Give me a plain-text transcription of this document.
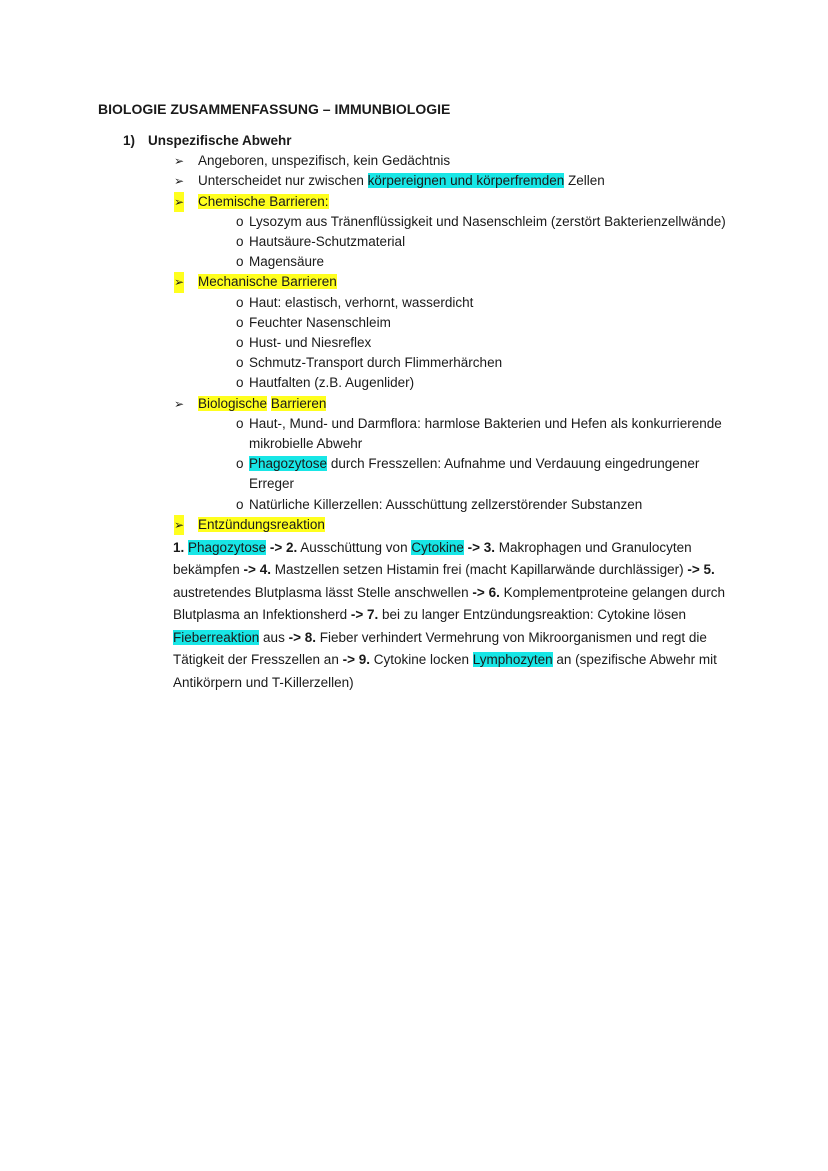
BIOLOGIE ZUSAMMENFASSUNG – IMMUNBIOLOGIE
1) Unspezifische Abwehr
➢ Angeboren, unspezifisch, kein Gedächtnis
➢ Unterscheidet nur zwischen körpereignen und körperfremden Zellen
➢ Chemische Barrieren:
o Lysozym aus Tränenflüssigkeit und Nasenschleim (zerstört Bakterienzellwände)
o Hautsäure-Schutzmaterial
o Magensäure
➢ Mechanische Barrieren
o Haut: elastisch, verhornt, wasserdicht
o Feuchter Nasenschleim
o Hust- und Niesreflex
o Schmutz-Transport durch Flimmerhärchen
o Hautfalten (z.B. Augenlider)
➢ Biologische Barrieren
o Haut-, Mund- und Darmflora: harmlose Bakterien und Hefen als konkurrierende mikrobielle Abwehr
o Phagozytose durch Fresszellen: Aufnahme und Verdauung eingedrungener Erreger
o Natürliche Killerzellen: Ausschüttung zellzerstörender Substanzen
➢ Entzündungsreaktion
1. Phagozytose -> 2. Ausschüttung von Cytokine -> 3. Makrophagen und Granulocyten bekämpfen -> 4. Mastzellen setzen Histamin frei (macht Kapillarwände durchlässiger) -> 5. austretendes Blutplasma lässt Stelle anschwellen -> 6. Komplementproteine gelangen durch Blutplasma an Infektionsherd -> 7. bei zu langer Entzündungsreaktion: Cytokine lösen Fieberreaktion aus -> 8. Fieber verhindert Vermehrung von Mikroorganismen und regt die Tätigkeit der Fresszellen an -> 9. Cytokine locken Lymphozyten an (spezifische Abwehr mit Antikörpern und T-Killerzellen)
